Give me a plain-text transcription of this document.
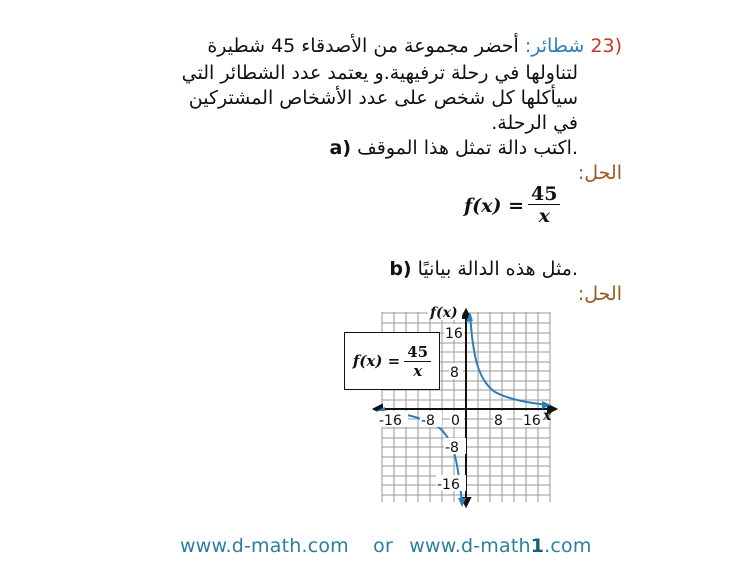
(23 شطائر: أحضر مجموعة من الأصدقاء 45 شطيرة
لتناولها في رحلة ترفيهية.و يعتمد عدد الشطائر التي
سيأكلها كل شخص على عدد الأشخاص المشتركين
في الرحلة.
a) اكتب دالة تمثل هذا الموقف.
الحل:
$f(x) = \frac{45}{x}$
b) مثل هذه الدالة بيانيًا.
الحل:
f(x)
16
8
-8
-16
-16 -8 0 8 16 x
$f(x) = \frac{45}{x}$
www.d-math.com or www.d-math1.com
